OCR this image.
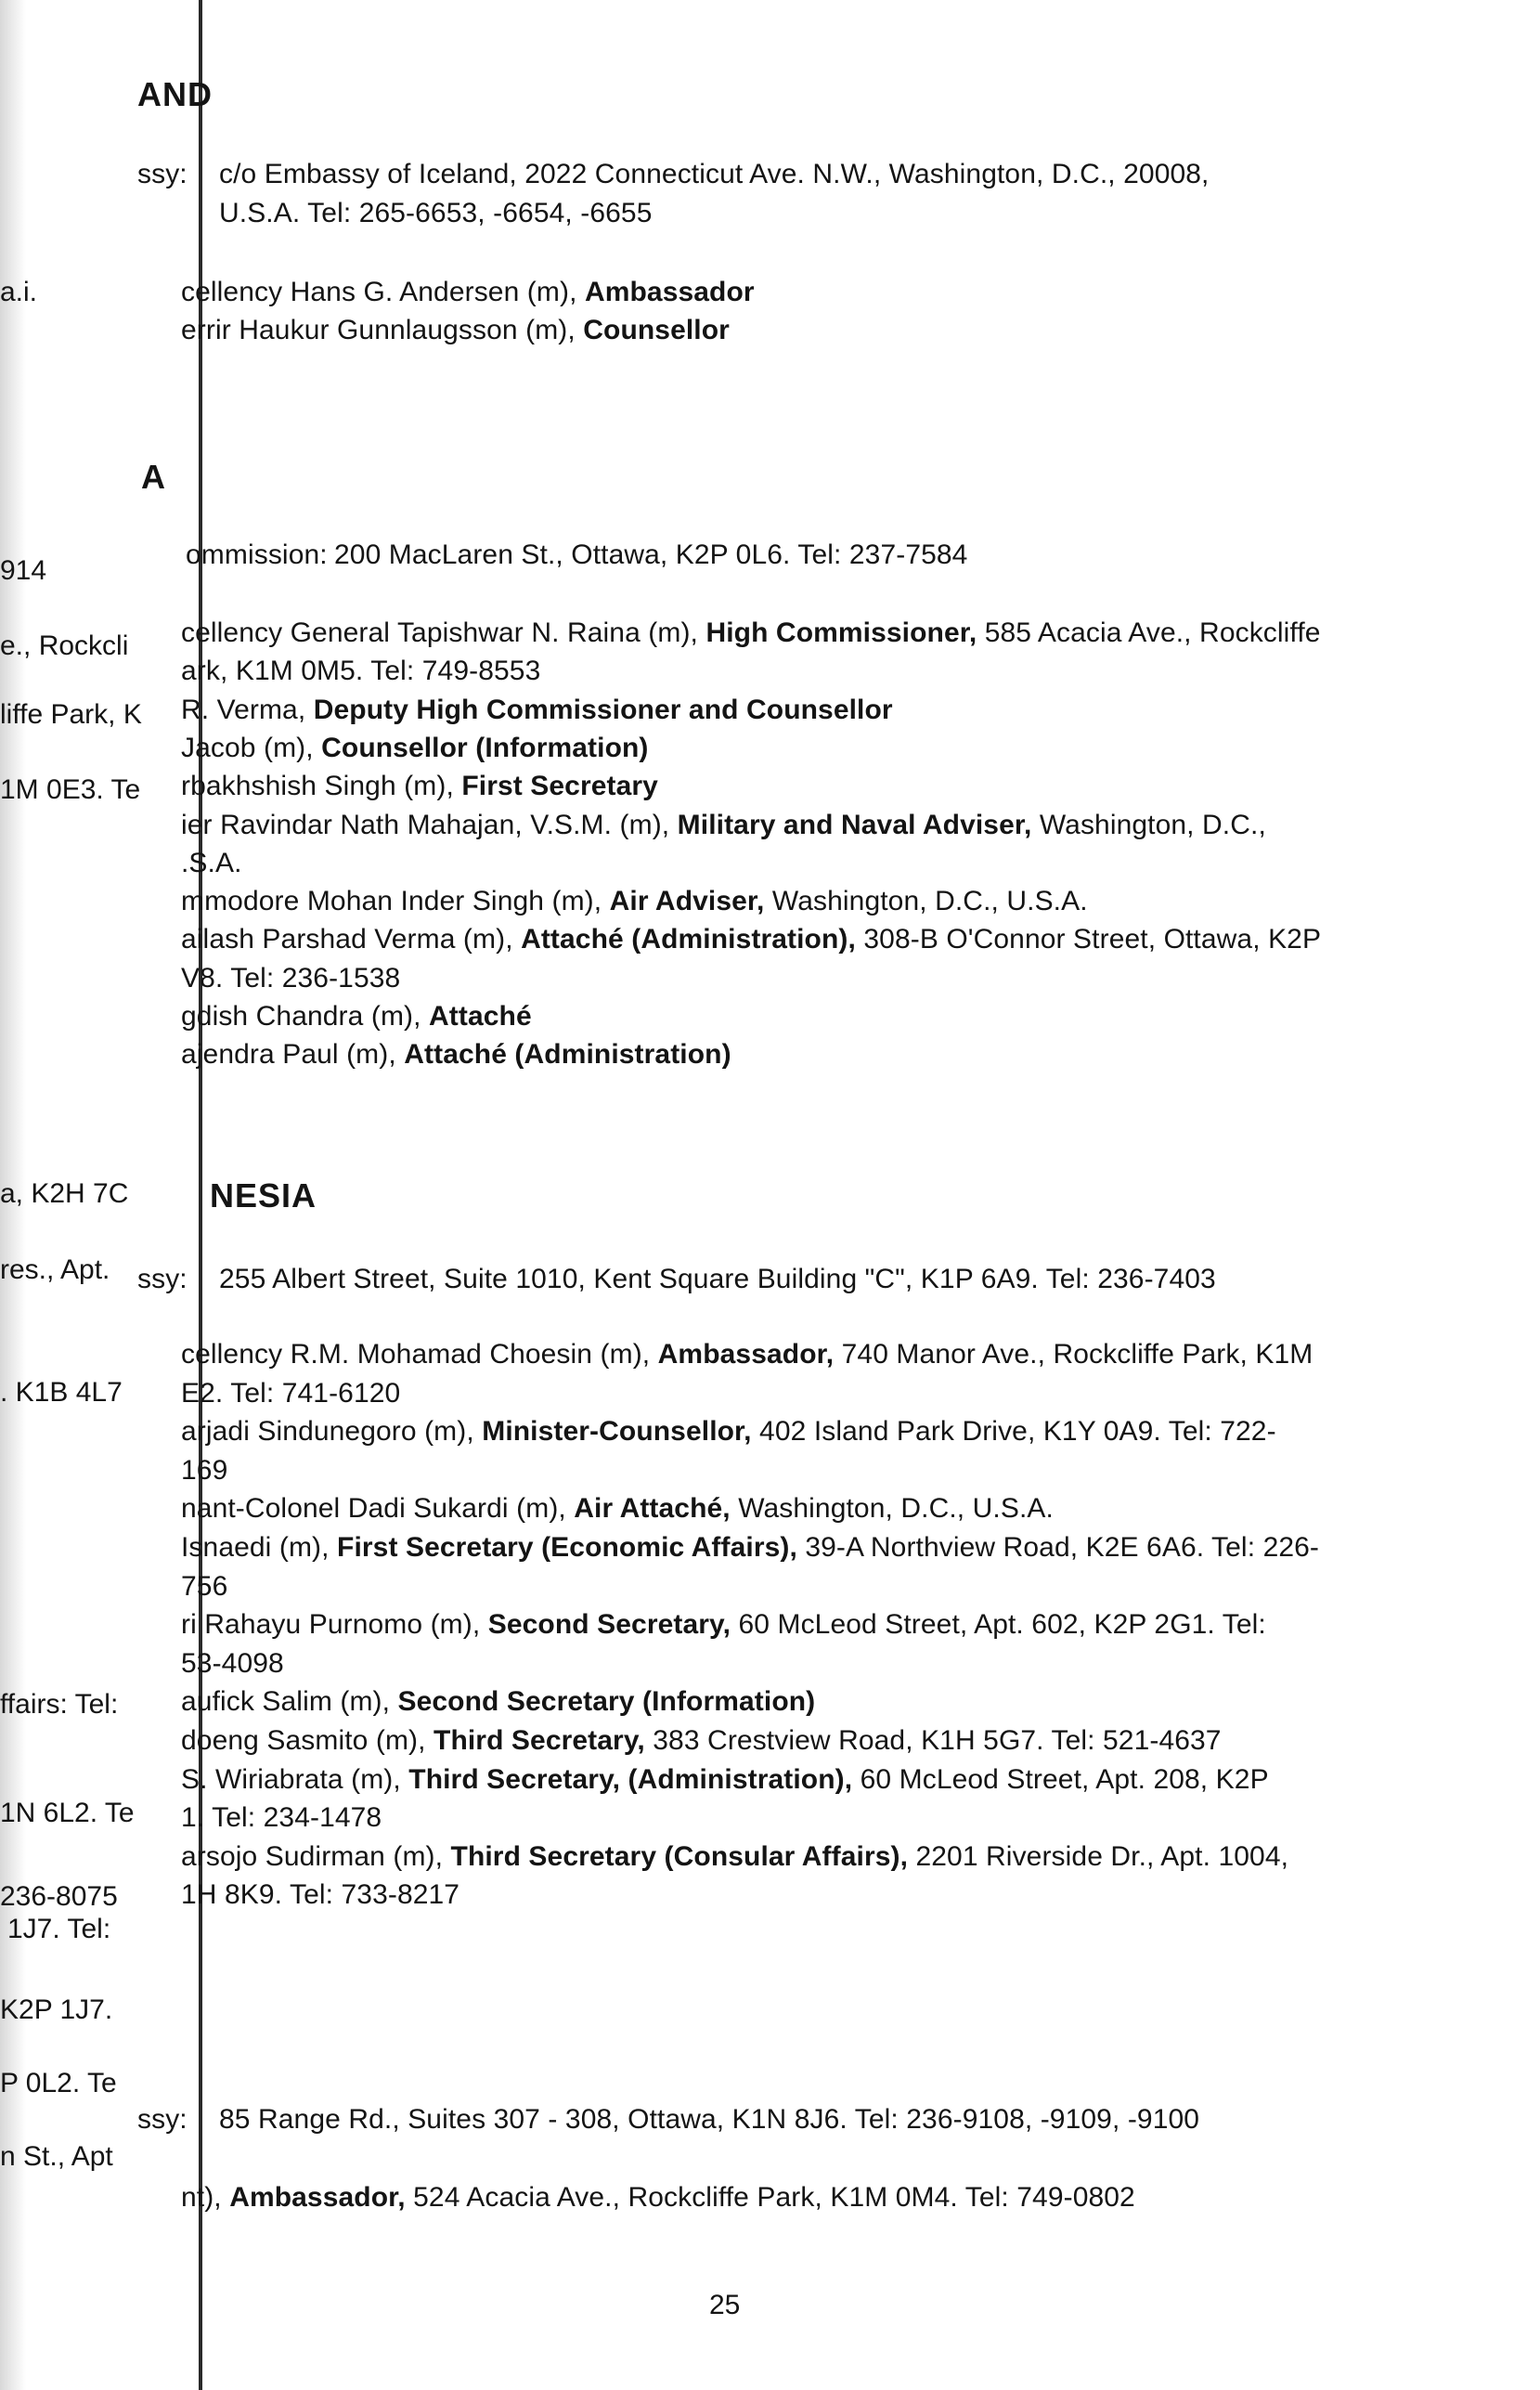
a.i.
914
e., Rockcli
liffe Park, K
1M 0E3. Te
a, K2H 7C
res., Apt.
. K1B 4L7
ffairs: Tel:
1N 6L2. Te
236-8075
1J7. Tel:
K2P 1J7.
P 0L2. Te
n St., Apt
AND
ssy: c/o Embassy of Iceland, 2022 Connecticut Ave. N.W., Washington, D.C., 20008,
U.S.A. Tel: 265-6653, -6654, -6655
cellency Hans G. Andersen (m), Ambassador
errir Haukur Gunnlaugsson (m), Counsellor
A
ommission: 200 MacLaren St., Ottawa, K2P 0L6. Tel: 237-7584
cellency General Tapishwar N. Raina (m), High Commissioner, 585 Acacia Ave., Rockcliffe
ark, K1M 0M5. Tel: 749-8553
R. Verma, Deputy High Commissioner and Counsellor
Jacob (m), Counsellor (Information)
rbakhshish Singh (m), First Secretary
ier Ravindar Nath Mahajan, V.S.M. (m), Military and Naval Adviser, Washington, D.C.,
.S.A.
mmodore Mohan Inder Singh (m), Air Adviser, Washington, D.C., U.S.A.
ailash Parshad Verma (m), Attaché (Administration), 308-B O'Connor Street, Ottawa, K2P
V8. Tel: 236-1538
gdish Chandra (m), Attaché
ajendra Paul (m), Attaché (Administration)
NESIA
ssy: 255 Albert Street, Suite 1010, Kent Square Building "C", K1P 6A9. Tel: 236-7403
cellency R.M. Mohamad Choesin (m), Ambassador, 740 Manor Ave., Rockcliffe Park, K1M
E2. Tel: 741-6120
arjadi Sindunegoro (m), Minister-Counsellor, 402 Island Park Drive, K1Y 0A9. Tel: 722-
169
nant-Colonel Dadi Sukardi (m), Air Attaché, Washington, D.C., U.S.A.
Isnaedi (m), First Secretary (Economic Affairs), 39-A Northview Road, K2E 6A6. Tel: 226-
756
ri Rahayu Purnomo (m), Second Secretary, 60 McLeod Street, Apt. 602, K2P 2G1. Tel:
53-4098
aufick Salim (m), Second Secretary (Information)
doeng Sasmito (m), Third Secretary, 383 Crestview Road, K1H 5G7. Tel: 521-4637
S. Wiriabrata (m), Third Secretary, (Administration), 60 McLeod Street, Apt. 208, K2P
1. Tel: 234-1478
arsojo Sudirman (m), Third Secretary (Consular Affairs), 2201 Riverside Dr., Apt. 1004,
1H 8K9. Tel: 733-8217
ssy: 85 Range Rd., Suites 307 - 308, Ottawa, K1N 8J6. Tel: 236-9108, -9109, -9100
nt), Ambassador, 524 Acacia Ave., Rockcliffe Park, K1M 0M4. Tel: 749-0802
25
